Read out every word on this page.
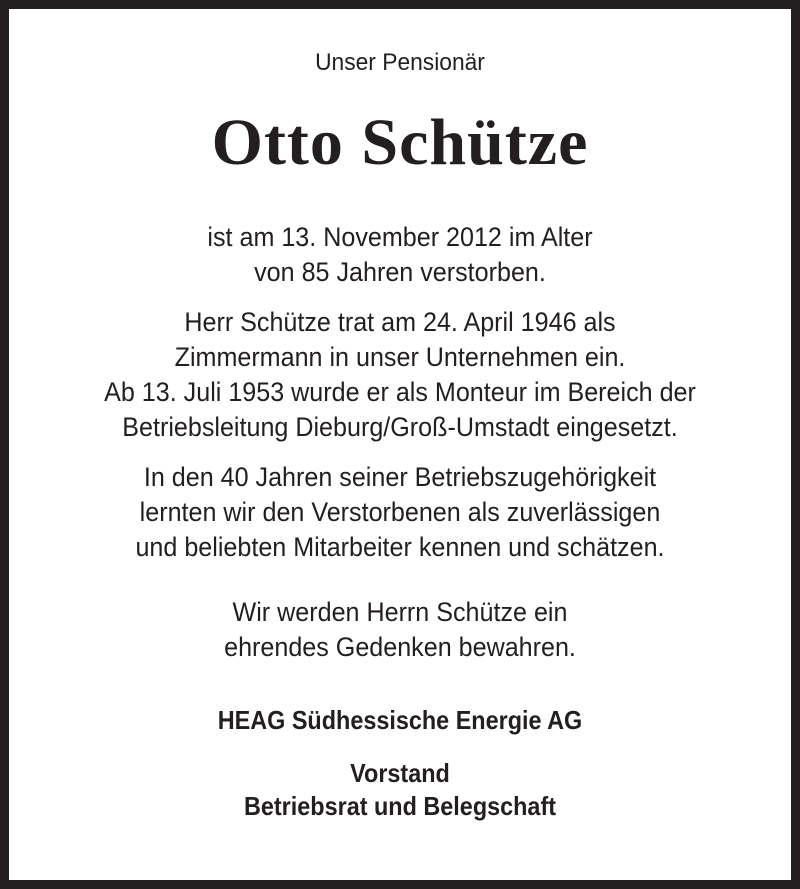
Unser Pensionär
Otto Schütze
ist am 13. November 2012 im Alter
von 85 Jahren verstorben.
Herr Schütze trat am 24. April 1946 als
Zimmermann in unser Unternehmen ein.
Ab 13. Juli 1953 wurde er als Monteur im Bereich der
Betriebsleitung Dieburg/Groß-Umstadt eingesetzt.
In den 40 Jahren seiner Betriebszugehörigkeit
lernten wir den Verstorbenen als zuverlässigen
und beliebten Mitarbeiter kennen und schätzen.
Wir werden Herrn Schütze ein
ehrendes Gedenken bewahren.
HEAG Südhessische Energie AG
Vorstand
Betriebsrat und Belegschaft
